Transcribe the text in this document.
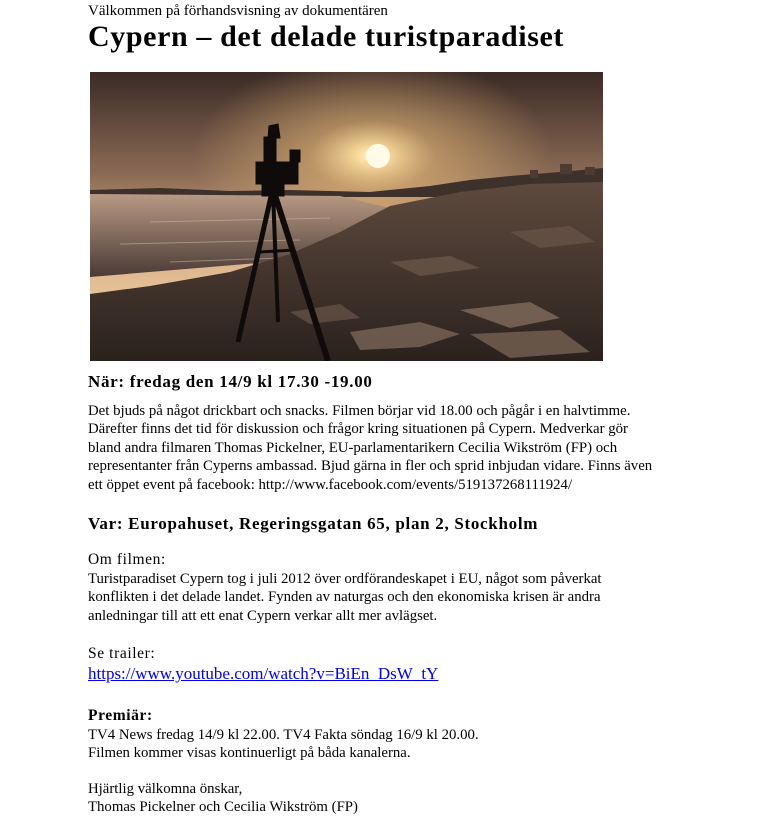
Välkommen på förhandsvisning av dokumentären
Cypern – det delade turistparadiset
När: fredag den 14/9 kl 17.30 -19.00
Det bjuds på något drickbart och snacks. Filmen börjar vid 18.00 och pågår i en halvtimme.
Därefter finns det tid för diskussion och frågor kring situationen på Cypern. Medverkar gör
bland andra filmaren Thomas Pickelner, EU-parlamentarikern Cecilia Wikström (FP) och
representanter från Cyperns ambassad. Bjud gärna in fler och sprid inbjudan vidare. Finns även
ett öppet event på facebook: http://www.facebook.com/events/519137268111924/
Var: Europahuset, Regeringsgatan 65, plan 2, Stockholm
Om filmen:
Turistparadiset Cypern tog i juli 2012 över ordförandeskapet i EU, något som påverkat
konflikten i det delade landet. Fynden av naturgas och den ekonomiska krisen är andra
anledningar till att ett enat Cypern verkar allt mer avlägset.
Se trailer:
https://www.youtube.com/watch?v=BiEn_DsW_tY
Premiär:
TV4 News fredag 14/9 kl 22.00. TV4 Fakta söndag 16/9 kl 20.00.
Filmen kommer visas kontinuerligt på båda kanalerna.
Hjärtlig välkomna önskar,
Thomas Pickelner och Cecilia Wikström (FP)
